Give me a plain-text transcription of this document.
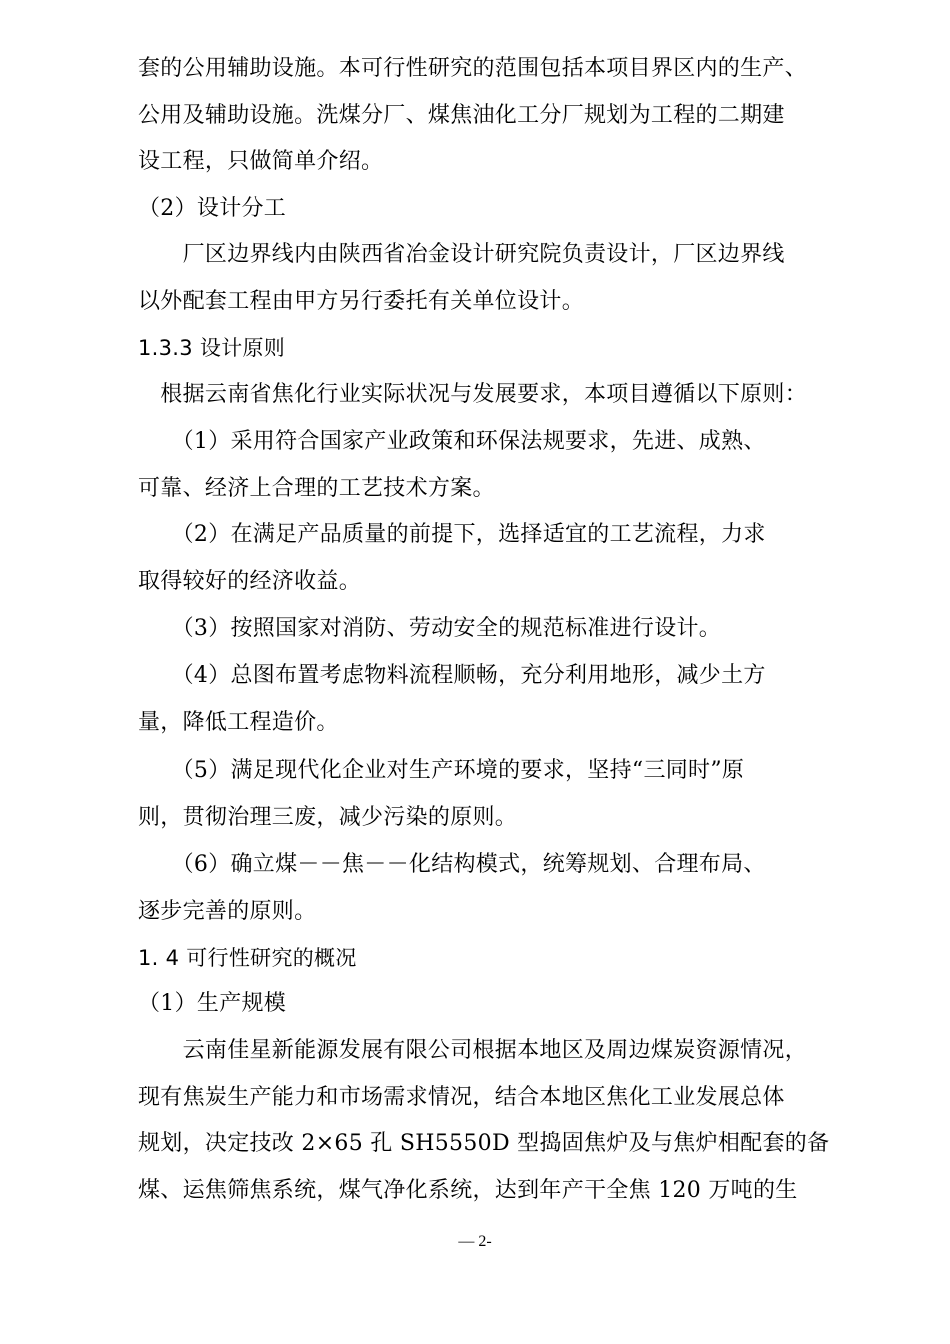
套的公用辅助设施。本可行性研究的范围包括本项目界区内的生产、
公用及辅助设施。洗煤分厂、煤焦油化工分厂规划为工程的二期建
设工程，只做简单介绍。
（2）设计分工
　　厂区边界线内由陕西省冶金设计研究院负责设计，厂区边界线
以外配套工程由甲方另行委托有关单位设计。
1.3.3 设计原则
　根据云南省焦化行业实际状况与发展要求，本项目遵循以下原则：
　　（1）采用符合国家产业政策和环保法规要求，先进、成熟、
可靠、经济上合理的工艺技术方案。
　　（2）在满足产品质量的前提下，选择适宜的工艺流程，力求
取得较好的经济收益。
　　（3）按照国家对消防、劳动安全的规范标准进行设计。
　　（4）总图布置考虑物料流程顺畅，充分利用地形，减少土方
量，降低工程造价。
　　（5）满足现代化企业对生产环境的要求，坚持“三同时”原
则，贯彻治理三废，减少污染的原则。
　　（6）确立煤－－焦－－化结构模式，统筹规划、合理布局、
逐步完善的原则。
1. 4 可行性研究的概况
（1）生产规模
　　云南佳星新能源发展有限公司根据本地区及周边煤炭资源情况，
现有焦炭生产能力和市场需求情况，结合本地区焦化工业发展总体
规划，决定技改 2×65 孔 SH5550D 型捣固焦炉及与焦炉相配套的备
煤、运焦筛焦系统，煤气净化系统，达到年产干全焦 120 万吨的生
— 2-
